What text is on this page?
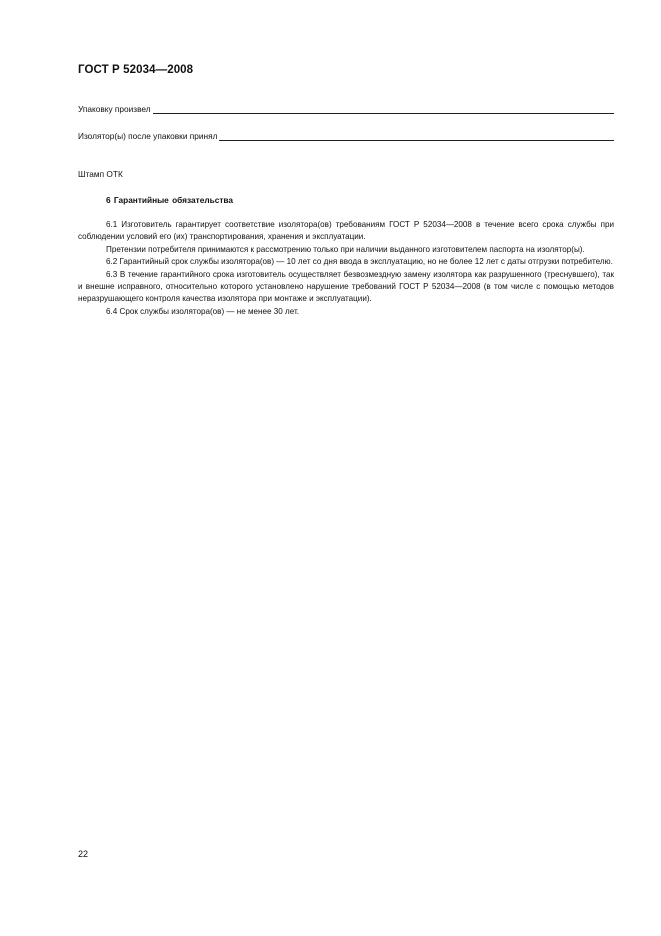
ГОСТ Р 52034—2008
Упаковку произвел
Изолятор(ы) после упаковки принял
Штамп ОТК
6 Гарантийные обязательства

6.1 Изготовитель гарантирует соответствие изолятора(ов) требованиям ГОСТ Р 52034—2008 в течение всего срока службы при соблюдении условий его (их) транспортирования, хранения и эксплуатации.

Претензии потребителя принимаются к рассмотрению только при наличии выданного изготовителем паспорта на изолятор(ы).

6.2 Гарантийный срок службы изолятора(ов) — 10 лет со дня ввода в эксплуатацию, но не более 12 лет с даты отгрузки потребителю.

6.3 В течение гарантийного срока изготовитель осуществляет безвозмездную замену изолятора как разрушенного (треснувшего), так и внешне исправного, относительно которого установлено нарушение требований ГОСТ Р 52034—2008 (в том числе с помощью методов неразрушающего контроля качества изолятора при монтаже и эксплуатации).

6.4 Срок службы изолятора(ов) — не менее 30 лет.

22
